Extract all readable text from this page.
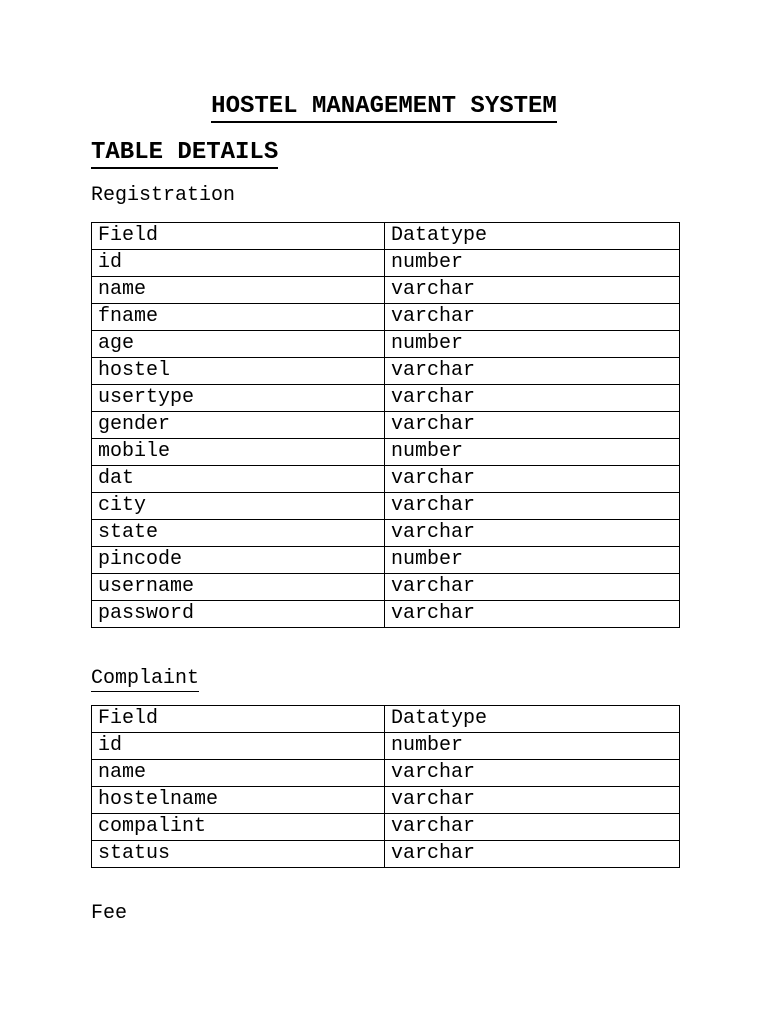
HOSTEL MANAGEMENT SYSTEM
TABLE DETAILS

Registration

Field	Datatype
id	number
name	varchar
fname	varchar
age	number
hostel	varchar
usertype	varchar
gender	varchar
mobile	number
dat	varchar
city	varchar
state	varchar
pincode	number
username	varchar
password	varchar

Complaint

Field	Datatype
id	number
name	varchar
hostelname	varchar
compalint	varchar
status	varchar

Fee
